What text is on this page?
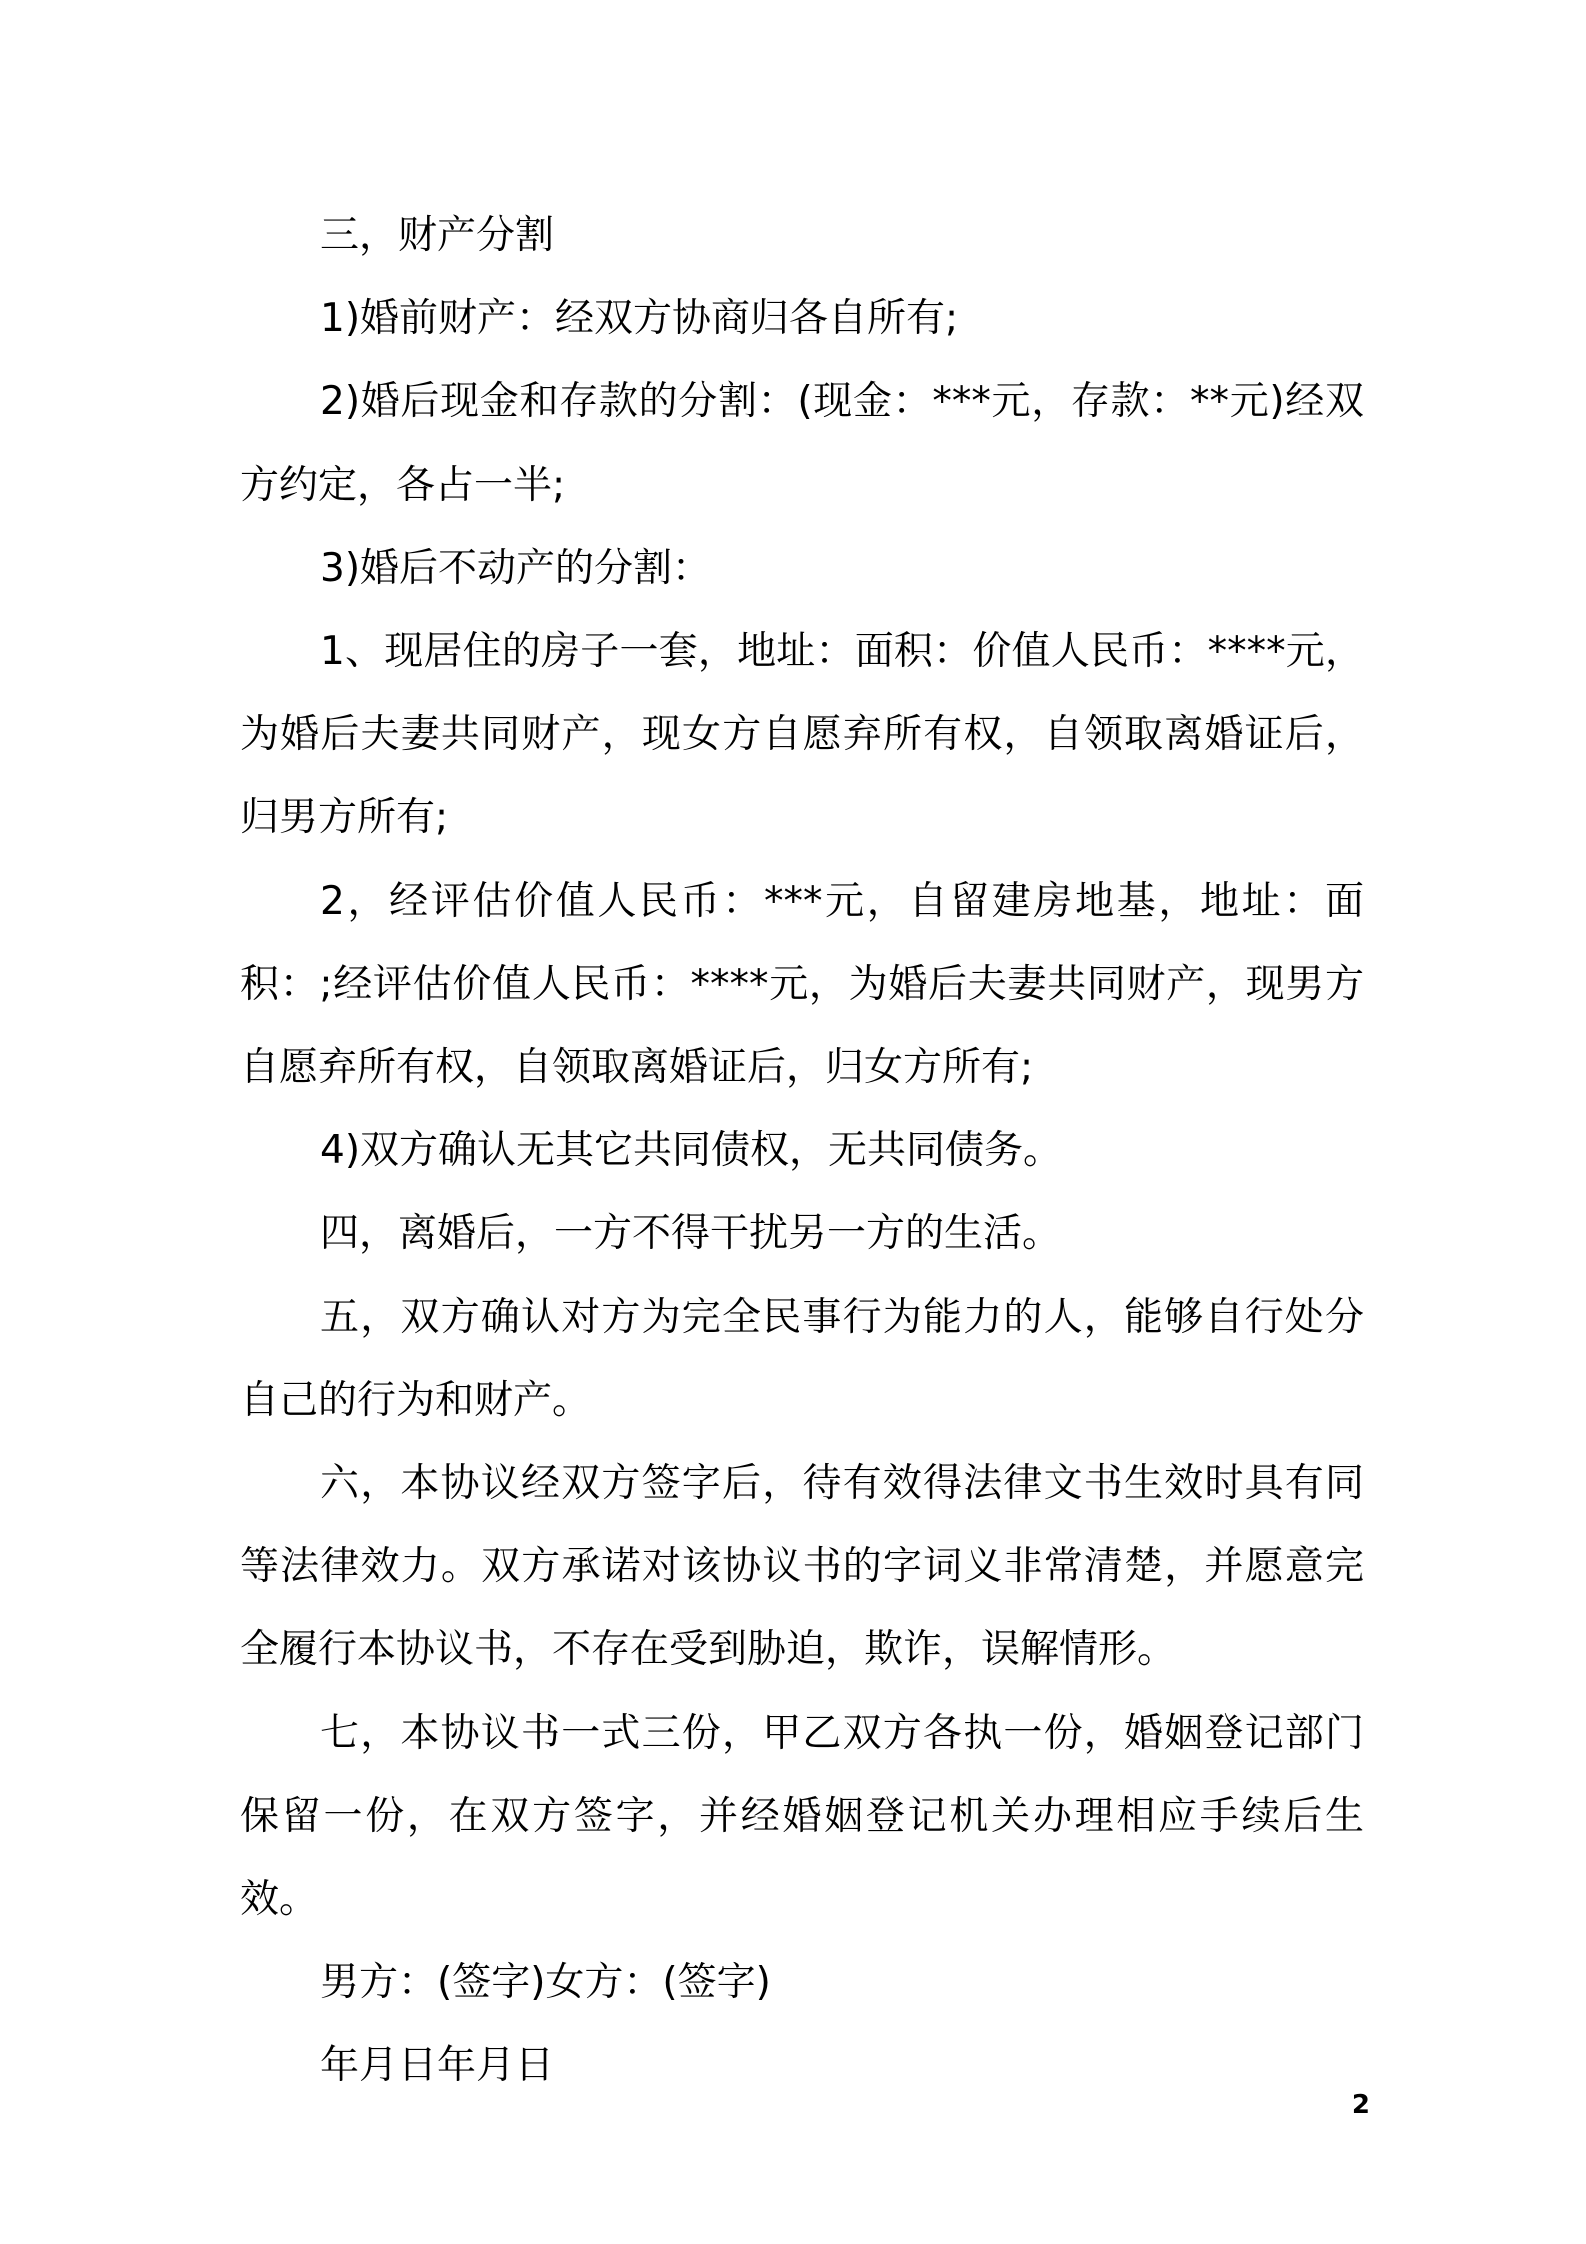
三，财产分割

1)婚前财产：经双方协商归各自所有;

2)婚后现金和存款的分割：(现金：***元，存款：**元)经双方约定，各占一半;

3)婚后不动产的分割：

1、现居住的房子一套，地址：面积：价值人民币：****元，为婚后夫妻共同财产，现女方自愿弃所有权，自领取离婚证后，归男方所有;

2，经评估价值人民币：***元，自留建房地基，地址：面积：;经评估价值人民币：****元，为婚后夫妻共同财产，现男方自愿弃所有权，自领取离婚证后，归女方所有;

4)双方确认无其它共同债权，无共同债务。

四，离婚后，一方不得干扰另一方的生活。

五，双方确认对方为完全民事行为能力的人，能够自行处分自己的行为和财产。

六，本协议经双方签字后，待有效得法律文书生效时具有同等法律效力。双方承诺对该协议书的字词义非常清楚，并愿意完全履行本协议书，不存在受到胁迫，欺诈，误解情形。

七，本协议书一式三份，甲乙双方各执一份，婚姻登记部门保留一份，在双方签字，并经婚姻登记机关办理相应手续后生效。

男方：(签字)女方：(签字)

年月日年月日

2
